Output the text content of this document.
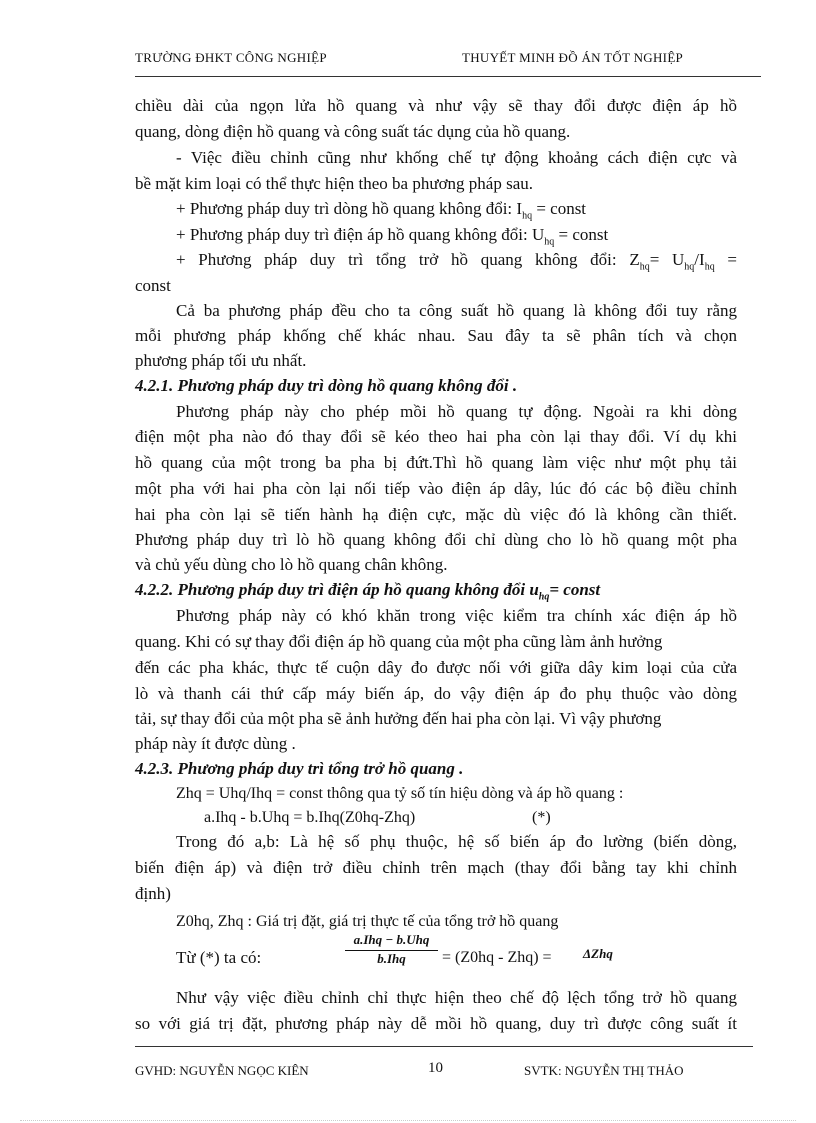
TRƯỜNG ĐHKT CÔNG NGHIỆP	THUYẾT MINH ĐỒ ÁN TỐT NGHIỆP
chiều dài của ngọn lửa hồ quang và như vậy sẽ thay đổi được điện áp hồ
quang, dòng điện hồ quang và công suất tác dụng của hồ quang.
- Việc điều chỉnh cũng như khống chế tự động khoảng cách điện cực và
bề mặt kim loại có thể thực hiện theo ba phương pháp sau.
+ Phương pháp duy trì dòng hồ quang không đổi: $I_{hq}$ = const
+ Phương pháp duy trì điện áp hồ quang không đổi: $U_{hq}$ = const
+ Phương pháp duy trì tổng trở hồ quang không đổi: $Z_{hq}= U_{hq}/I_{hq}$ =
const
Cả ba phương pháp đều cho ta công suất hồ quang là không đổi tuy rằng
mỗi phương pháp khống chế khác nhau. Sau đây ta sẽ phân tích và chọn
phương pháp tối ưu nhất.
4.2.1. Phương pháp duy trì dòng hồ quang không đổi .
Phương pháp này cho phép mồi hồ quang tự động. Ngoài ra khi dòng
điện một pha nào đó thay đổi sẽ kéo theo hai pha còn lại thay đổi. Ví dụ khi
hồ quang của một trong ba pha bị đứt.Thì hồ quang làm việc như một phụ tải
một pha với hai pha còn lại nối tiếp vào điện áp dây, lúc đó các bộ điều chỉnh
hai pha còn lại sẽ tiến hành hạ điện cực, mặc dù việc đó là không cần thiết.
Phương pháp duy trì lò hồ quang không đổi chỉ dùng cho lò hồ quang một pha
và chủ yếu dùng cho lò hồ quang chân không.
4.2.2. Phương pháp duy trì điện áp hồ quang không đổi $u_{hq}=$ const
Phương pháp này có khó khăn trong việc kiểm tra chính xác điện áp hồ
quang. Khi có sự thay đổi điện áp hồ quang của một pha cũng làm ảnh hưởng
đến các pha khác, thực tế cuộn dây đo được nối với giữa dây kim loại của cửa
lò và thanh cái thứ cấp máy biến áp, do vậy điện áp đo phụ thuộc vào dòng
tải, sự thay đổi của một pha sẽ ảnh hưởng đến hai pha còn lại. Vì vậy phương
pháp này ít được dùng .
4.2.3. Phương pháp duy trì tổng trở hồ quang .
Zhq = Uhq/Ihq = const thông qua tỷ số tín hiệu dòng và áp hồ quang :
a.Ihq - b.Uhq = b.Ihq(Z0hq-Zhq)	(*)
Trong đó a,b: Là hệ số phụ thuộc, hệ số biến áp đo lường (biến dòng,
biến điện áp) và điện trở điều chỉnh trên mạch (thay đổi bằng tay khi chỉnh
định)
Z0hq, Zhq : Giá trị đặt, giá trị thực tế của tổng trở hồ quang
Từ (*) ta có:
a.Ihq − b.Uhq
b.Ihq	= (Z0hq - Zhq) =	ΔZhq
Như vậy việc điều chỉnh chỉ thực hiện theo chế độ lệch tổng trở hồ quang
so với giá trị đặt, phương pháp này dễ mồi hồ quang, duy trì được công suất ít
GVHD: NGUYỄN NGỌC KIÊN	10	SVTK: NGUYỄN THỊ THẢO
